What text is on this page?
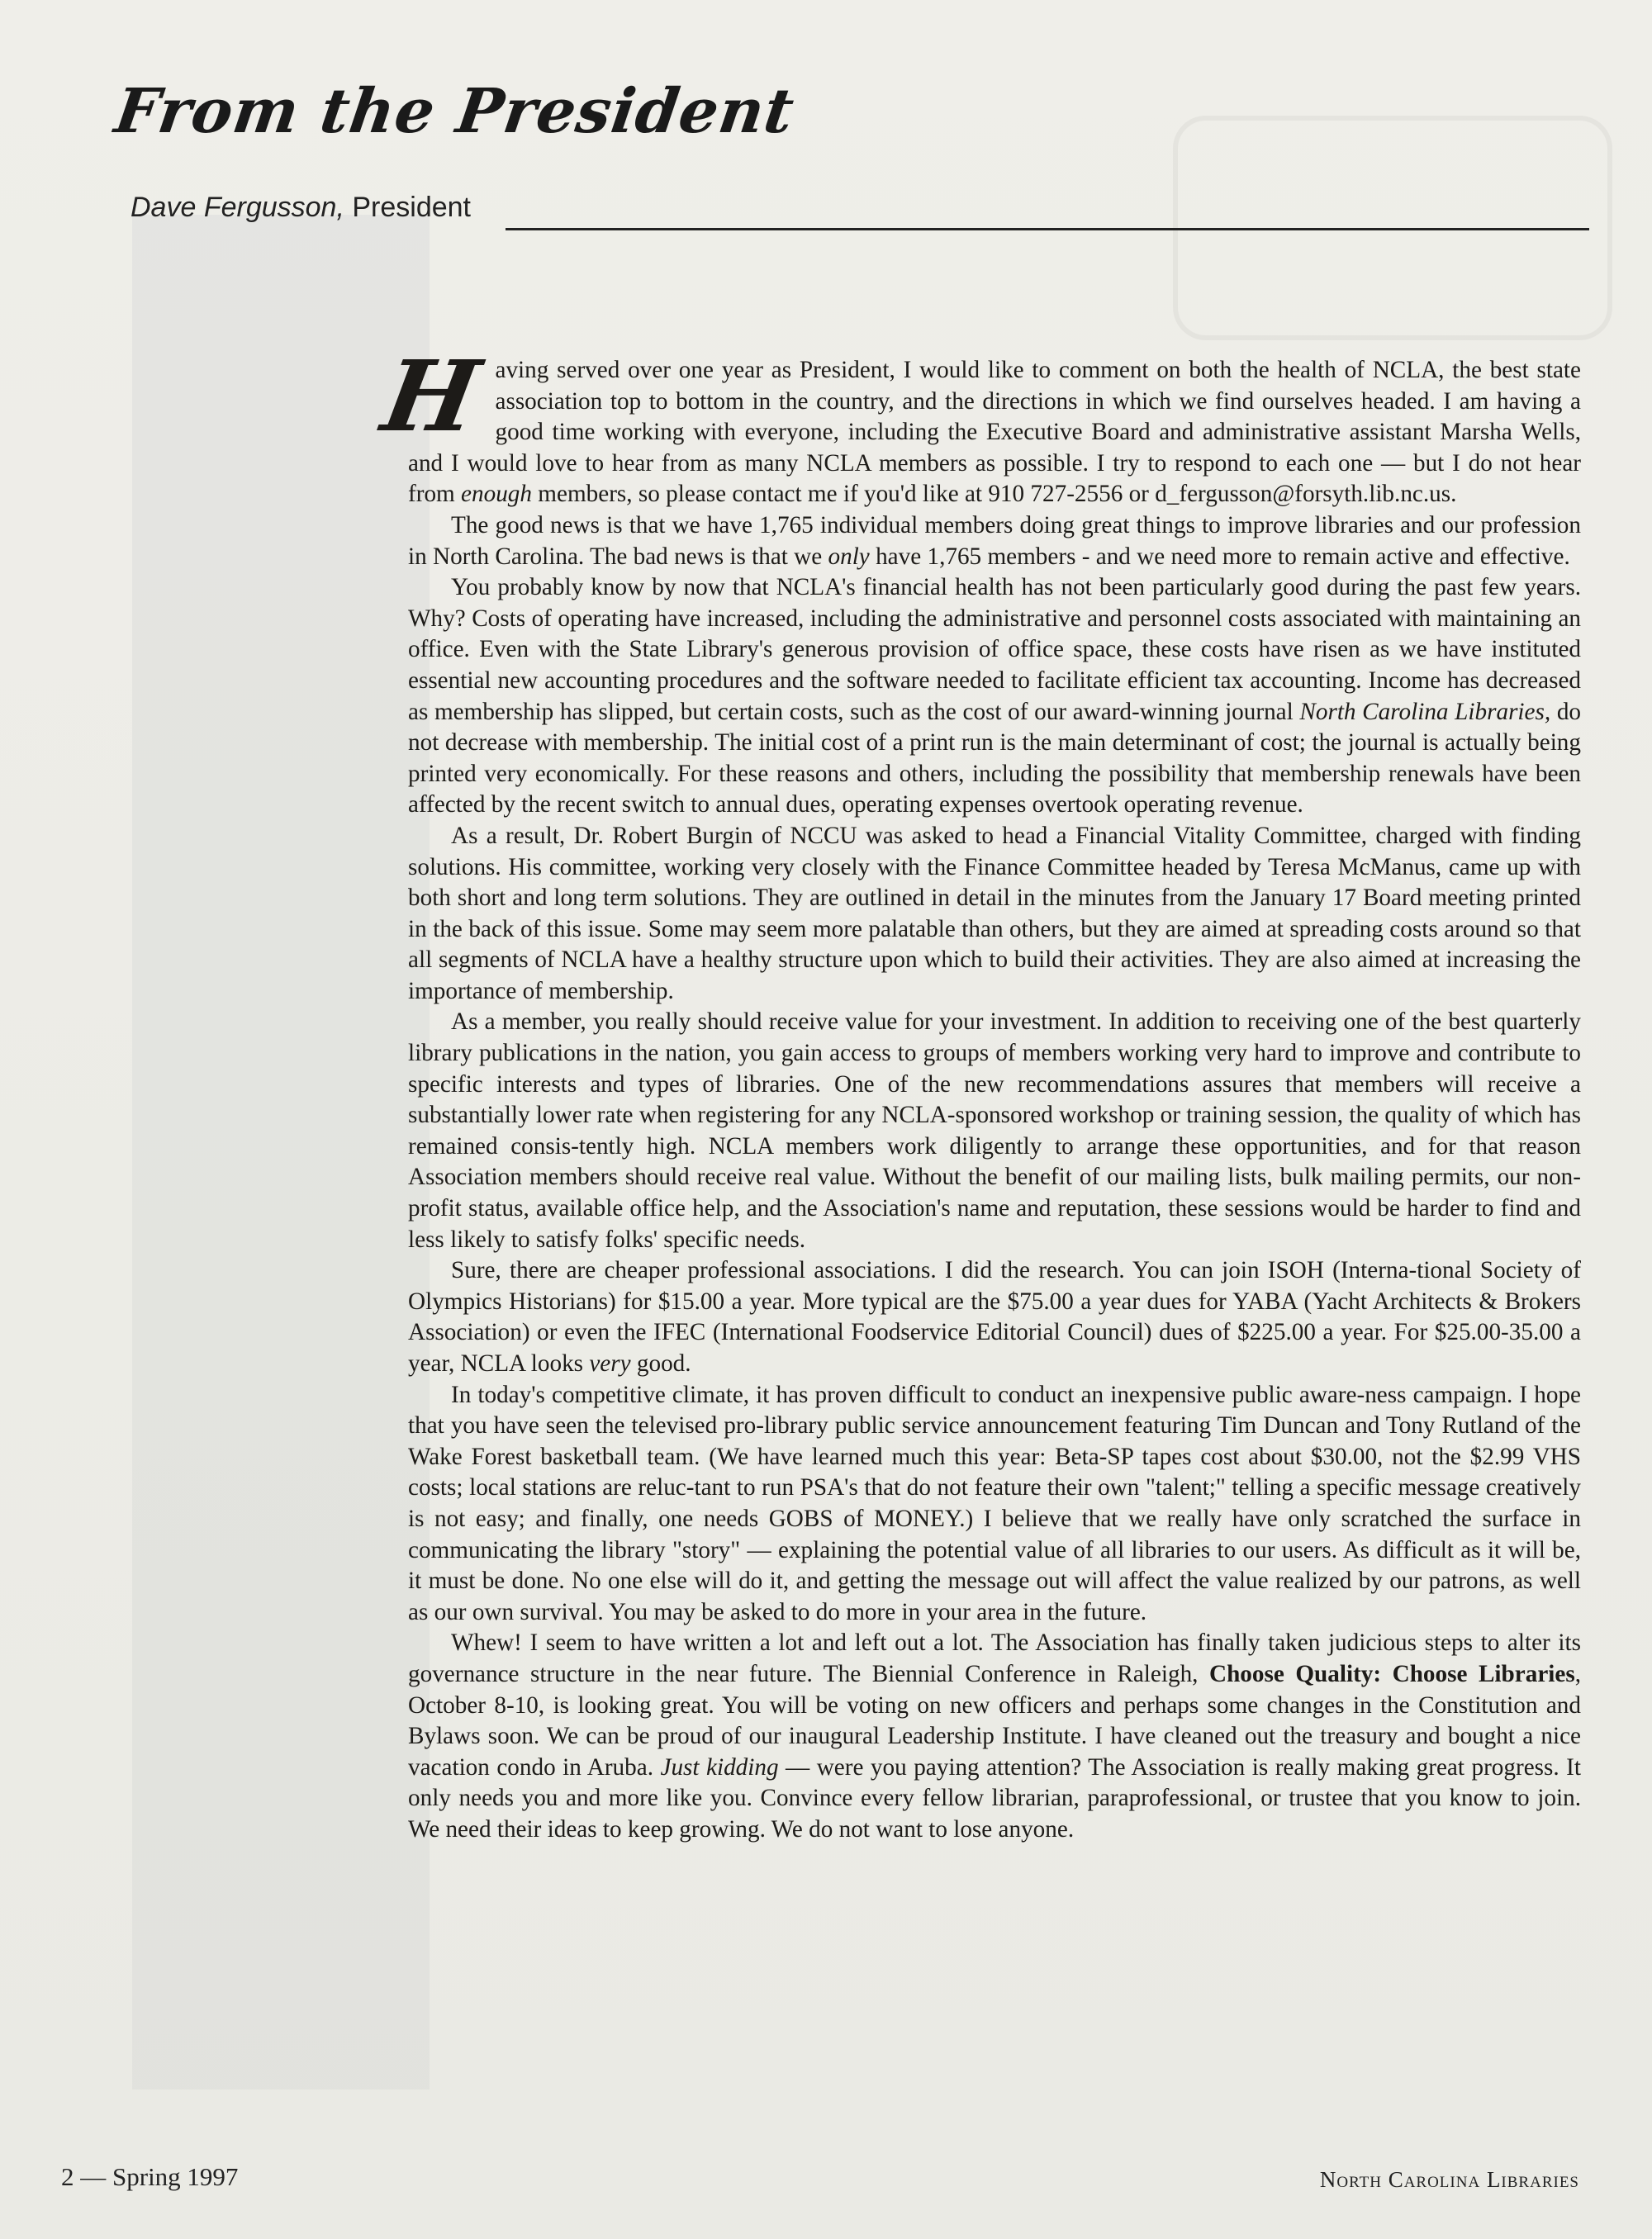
From the President
Dave Fergusson, President

Having served over one year as President, I would like to comment on both the health of NCLA, the best state association top to bottom in the country, and the directions in which we find ourselves headed. I am having a good time working with everyone, including the Executive Board and administrative assistant Marsha Wells, and I would love to hear from as many NCLA members as possible. I try to respond to each one — but I do not hear from enough members, so please contact me if you'd like at 910 727-2556 or d_fergusson@forsyth.lib.nc.us.

The good news is that we have 1,765 individual members doing great things to improve libraries and our profession in North Carolina. The bad news is that we only have 1,765 members - and we need more to remain active and effective.

You probably know by now that NCLA's financial health has not been particularly good during the past few years. Why? Costs of operating have increased, including the administrative and personnel costs associated with maintaining an office. Even with the State Library's generous provision of office space, these costs have risen as we have instituted essential new accounting procedures and the software needed to facilitate efficient tax accounting. Income has decreased as membership has slipped, but certain costs, such as the cost of our award-winning journal North Carolina Libraries, do not decrease with membership. The initial cost of a print run is the main determinant of cost; the journal is actually being printed very economically. For these reasons and others, including the possibility that membership renewals have been affected by the recent switch to annual dues, operating expenses overtook operating revenue.

As a result, Dr. Robert Burgin of NCCU was asked to head a Financial Vitality Committee, charged with finding solutions. His committee, working very closely with the Finance Committee headed by Teresa McManus, came up with both short and long term solutions. They are outlined in detail in the minutes from the January 17 Board meeting printed in the back of this issue. Some may seem more palatable than others, but they are aimed at spreading costs around so that all segments of NCLA have a healthy structure upon which to build their activities. They are also aimed at increasing the importance of membership.

As a member, you really should receive value for your investment. In addition to receiving one of the best quarterly library publications in the nation, you gain access to groups of members working very hard to improve and contribute to specific interests and types of libraries. One of the new recommendations assures that members will receive a substantially lower rate when registering for any NCLA-sponsored workshop or training session, the quality of which has remained consis-tently high. NCLA members work diligently to arrange these opportunities, and for that reason Association members should receive real value. Without the benefit of our mailing lists, bulk mailing permits, our non-profit status, available office help, and the Association's name and reputation, these sessions would be harder to find and less likely to satisfy folks' specific needs.

Sure, there are cheaper professional associations. I did the research. You can join ISOH (Interna-tional Society of Olympics Historians) for $15.00 a year. More typical are the $75.00 a year dues for YABA (Yacht Architects & Brokers Association) or even the IFEC (International Foodservice Editorial Council) dues of $225.00 a year. For $25.00-35.00 a year, NCLA looks very good.

In today's competitive climate, it has proven difficult to conduct an inexpensive public aware-ness campaign. I hope that you have seen the televised pro-library public service announcement featuring Tim Duncan and Tony Rutland of the Wake Forest basketball team. (We have learned much this year: Beta-SP tapes cost about $30.00, not the $2.99 VHS costs; local stations are reluc-tant to run PSA's that do not feature their own "talent;" telling a specific message creatively is not easy; and finally, one needs GOBS of MONEY.) I believe that we really have only scratched the surface in communicating the library "story" — explaining the potential value of all libraries to our users. As difficult as it will be, it must be done. No one else will do it, and getting the message out will affect the value realized by our patrons, as well as our own survival. You may be asked to do more in your area in the future.

Whew! I seem to have written a lot and left out a lot. The Association has finally taken judicious steps to alter its governance structure in the near future. The Biennial Conference in Raleigh, Choose Quality: Choose Libraries, October 8-10, is looking great. You will be voting on new officers and perhaps some changes in the Constitution and Bylaws soon. We can be proud of our inaugural Leadership Institute. I have cleaned out the treasury and bought a nice vacation condo in Aruba. Just kidding — were you paying attention? The Association is really making great progress. It only needs you and more like you. Convince every fellow librarian, paraprofessional, or trustee that you know to join. We need their ideas to keep growing. We do not want to lose anyone.

2 — Spring 1997	North Carolina Libraries
